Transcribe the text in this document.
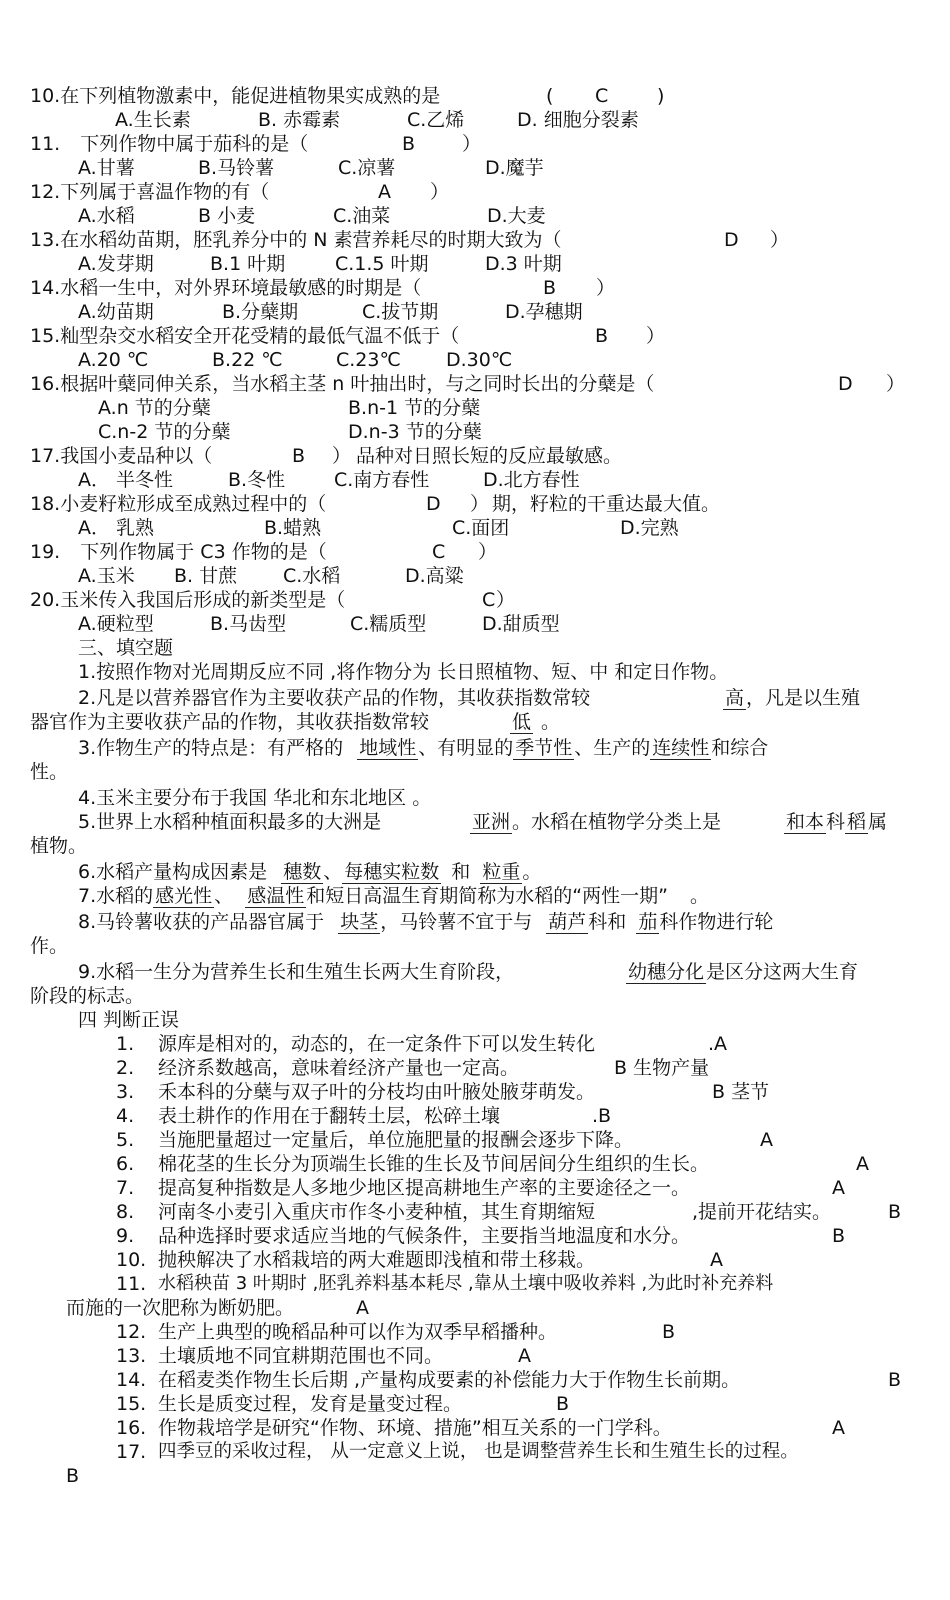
10.在下列植物激素中，能促进植物果实成熟的是	( C	)
A.生长素	B. 赤霉素	C.乙烯	D. 细胞分裂素
11. 下列作物中属于茄科的是（	B ）
A.甘薯	B.马铃薯	C.凉薯	D.魔芋
12.下列属于喜温作物的有（	A ）
A.水稻	B 小麦	C.油菜	D.大麦
13.在水稻幼苗期，胚乳养分中的 N 素营养耗尽的时期大致为（	D ）
A.发芽期	B.1 叶期	C.1.5 叶期	D.3 叶期
14.水稻一生中，对外界环境最敏感的时期是（	B ）
A.幼苗期	B.分蘖期	C.拔节期	D.孕穗期
15.籼型杂交水稻安全开花受精的最低气温不低于（	B ）
A.20 ℃	B.22 ℃	C.23℃ D.30℃
16.根据叶蘖同伸关系，当水稻主茎 n 叶抽出时，与之同时长出的分蘖是（	D ）
A.n 节的分蘖	B.n-1 节的分蘖
C.n-2 节的分蘖	D.n-3 节的分蘖
17.我国小麦品种以（	B ） 品种对日照长短的反应最敏感。
A． 半冬性	B.冬性	C.南方春性	D.北方春性
18.小麦籽粒形成至成熟过程中的（	D ） 期，籽粒的干重达最大值。
A． 乳熟	B.蜡熟	C.面团	D.完熟
19. 下列作物属于 C3 作物的是（	C ）
A.玉米 B. 甘蔗 C.水稻	D.高粱
20.玉米传入我国后形成的新类型是（	C ）
A.硬粒型	B.马齿型	C.糯质型	D.甜质型
三、填空题
1.按照作物对光周期反应不同 ,将作物分为 长日照植物、短、中 和定日作物。
2.凡是以营养器官作为主要收获产品的作物，其收获指数常较	高 ，凡是以生殖
器官作为主要收获产品的作物，其收获指数常较	低 。
3.作物生产的特点是：有严格的 地域性 、有明显的 季节性 、生产的 连续性 和综合
性。
4.玉米主要分布于我国 华北和东北地区 。
5.世界上水稻种植面积最多的大洲是	亚洲 。水稻在植物学分类上是	和本 科 稻 属
植物。
6.水稻产量构成因素是 穗数 、 每穗实粒数 和 粒重 。
7.水稻的 感光性 、 感温性 和短日高温生育期简称为水稻的“两性一期” 。
8.马铃薯收获的产品器官属于 块茎 ，马铃薯不宜于与 葫芦 科和 茄 科作物进行轮
作。
9.水稻一生分为营养生长和生殖生长两大生育阶段，	幼穗分化 是区分这两大生育
阶段的标志。
四 判断正误
1. 源库是相对的，动态的，在一定条件下可以发生转化	.A
2. 经济系数越高，意味着经济产量也一定高。	B 生物产量
3. 禾本科的分蘖与双子叶的分枝均由叶腋处腋芽萌发。	B 茎节
4. 表土耕作的作用在于翻转土层，松碎土壤	.B
5. 当施肥量超过一定量后，单位施肥量的报酬会逐步下降。	A
6. 棉花茎的生长分为顶端生长锥的生长及节间居间分生组织的生长。	A
7. 提高复种指数是人多地少地区提高耕地生产率的主要途径之一。	A
8. 河南冬小麦引入重庆市作冬小麦种植，其生育期缩短	,提前开花结实。	B
9. 品种选择时要求适应当地的气候条件，主要指当地温度和水分。	B
10. 抛秧解决了水稻栽培的两大难题即浅植和带土移栽。	A
11. 水稻秧苗 3 叶期时 ,胚乳养料基本耗尽 ,靠从土壤中吸收养料 ,为此时补充养料
而施的一次肥称为断奶肥。	A
12. 生产上典型的晚稻品种可以作为双季早稻播种。	B
13. 土壤质地不同宜耕期范围也不同。	A
14. 在稻麦类作物生长后期 ,产量构成要素的补偿能力大于作物生长前期。	B
15. 生长是质变过程，发育是量变过程。	B
16. 作物栽培学是研究“作物、环境、措施”相互关系的一门学科。	A
17. 四季豆的采收过程， 从一定意义上说， 也是调整营养生长和生殖生长的过程。
B
